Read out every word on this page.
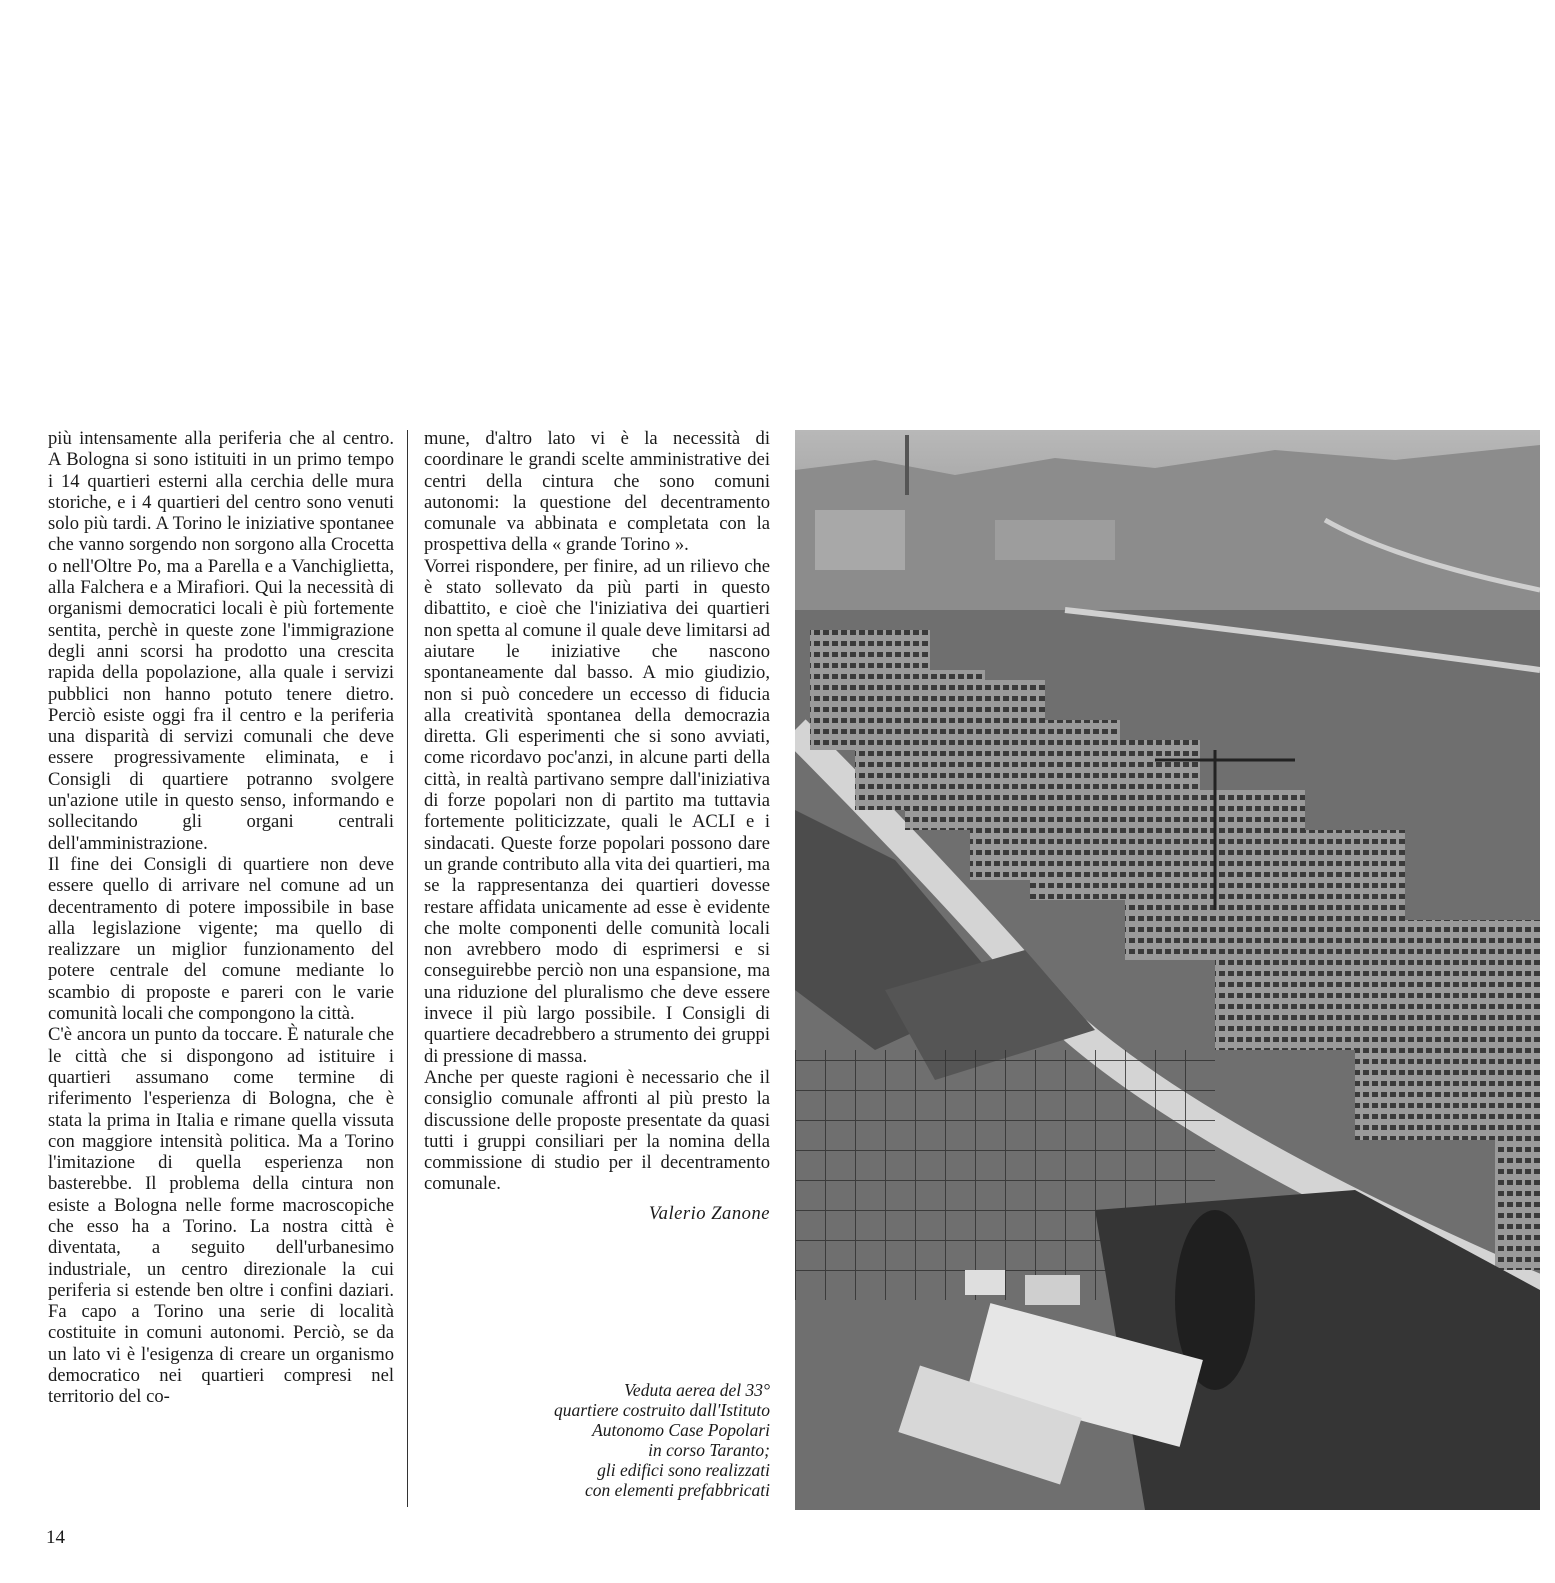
più intensamente alla periferia che al centro. A Bologna si sono istituiti in un primo tempo i 14 quartieri esterni alla cerchia delle mura storiche, e i 4 quartieri del centro sono venuti solo più tardi. A Torino le iniziative spontanee che vanno sorgendo non sorgono alla Crocetta o nell'Oltre Po, ma a Parella e a Vanchiglietta, alla Falchera e a Mirafiori. Qui la necessità di organismi democratici locali è più fortemente sentita, perchè in queste zone l'immigrazione degli anni scorsi ha prodotto una crescita rapida della popolazione, alla quale i servizi pubblici non hanno potuto tenere dietro. Perciò esiste oggi fra il centro e la periferia una disparità di servizi comunali che deve essere progressivamente eliminata, e i Consigli di quartiere potranno svolgere un'azione utile in questo senso, informando e sollecitando gli organi centrali dell'amministrazione.

Il fine dei Consigli di quartiere non deve essere quello di arrivare nel comune ad un decentramento di potere impossibile in base alla legislazione vigente; ma quello di realizzare un miglior funzionamento del potere centrale del comune mediante lo scambio di proposte e pareri con le varie comunità locali che compongono la città.

C'è ancora un punto da toccare. È naturale che le città che si dispongono ad istituire i quartieri assumano come termine di riferimento l'esperienza di Bologna, che è stata la prima in Italia e rimane quella vissuta con maggiore intensità politica. Ma a Torino l'imitazione di quella esperienza non basterebbe. Il problema della cintura non esiste a Bologna nelle forme macroscopiche che esso ha a Torino. La nostra città è diventata, a seguito dell'urbanesimo industriale, un centro direzionale la cui periferia si estende ben oltre i confini daziari. Fa capo a Torino una serie di località costituite in comuni autonomi. Perciò, se da un lato vi è l'esigenza di creare un organismo democratico nei quartieri compresi nel territorio del co-

mune, d'altro lato vi è la necessità di coordinare le grandi scelte amministrative dei centri della cintura che sono comuni autonomi: la questione del decentramento comunale va abbinata e completata con la prospettiva della « grande Torino ».

Vorrei rispondere, per finire, ad un rilievo che è stato sollevato da più parti in questo dibattito, e cioè che l'iniziativa dei quartieri non spetta al comune il quale deve limitarsi ad aiutare le iniziative che nascono spontaneamente dal basso. A mio giudizio, non si può concedere un eccesso di fiducia alla creatività spontanea della democrazia diretta. Gli esperimenti che si sono avviati, come ricordavo poc'anzi, in alcune parti della città, in realtà partivano sempre dall'iniziativa di forze popolari non di partito ma tuttavia fortemente politicizzate, quali le ACLI e i sindacati. Queste forze popolari possono dare un grande contributo alla vita dei quartieri, ma se la rappresentanza dei quartieri dovesse restare affidata unicamente ad esse è evidente che molte componenti delle comunità locali non avrebbero modo di esprimersi e si conseguirebbe perciò non una espansione, ma una riduzione del pluralismo che deve essere invece il più largo possibile. I Consigli di quartiere decadrebbero a strumento dei gruppi di pressione di massa.

Anche per queste ragioni è necessario che il consiglio comunale affronti al più presto la discussione delle proposte presentate da quasi tutti i gruppi consiliari per la nomina della commissione di studio per il decentramento comunale.

Valerio Zanone

Veduta aerea del 33°
quartiere costruito dall'Istituto
Autonomo Case Popolari
in corso Taranto;
gli edifici sono realizzati
con elementi prefabbricati
14
